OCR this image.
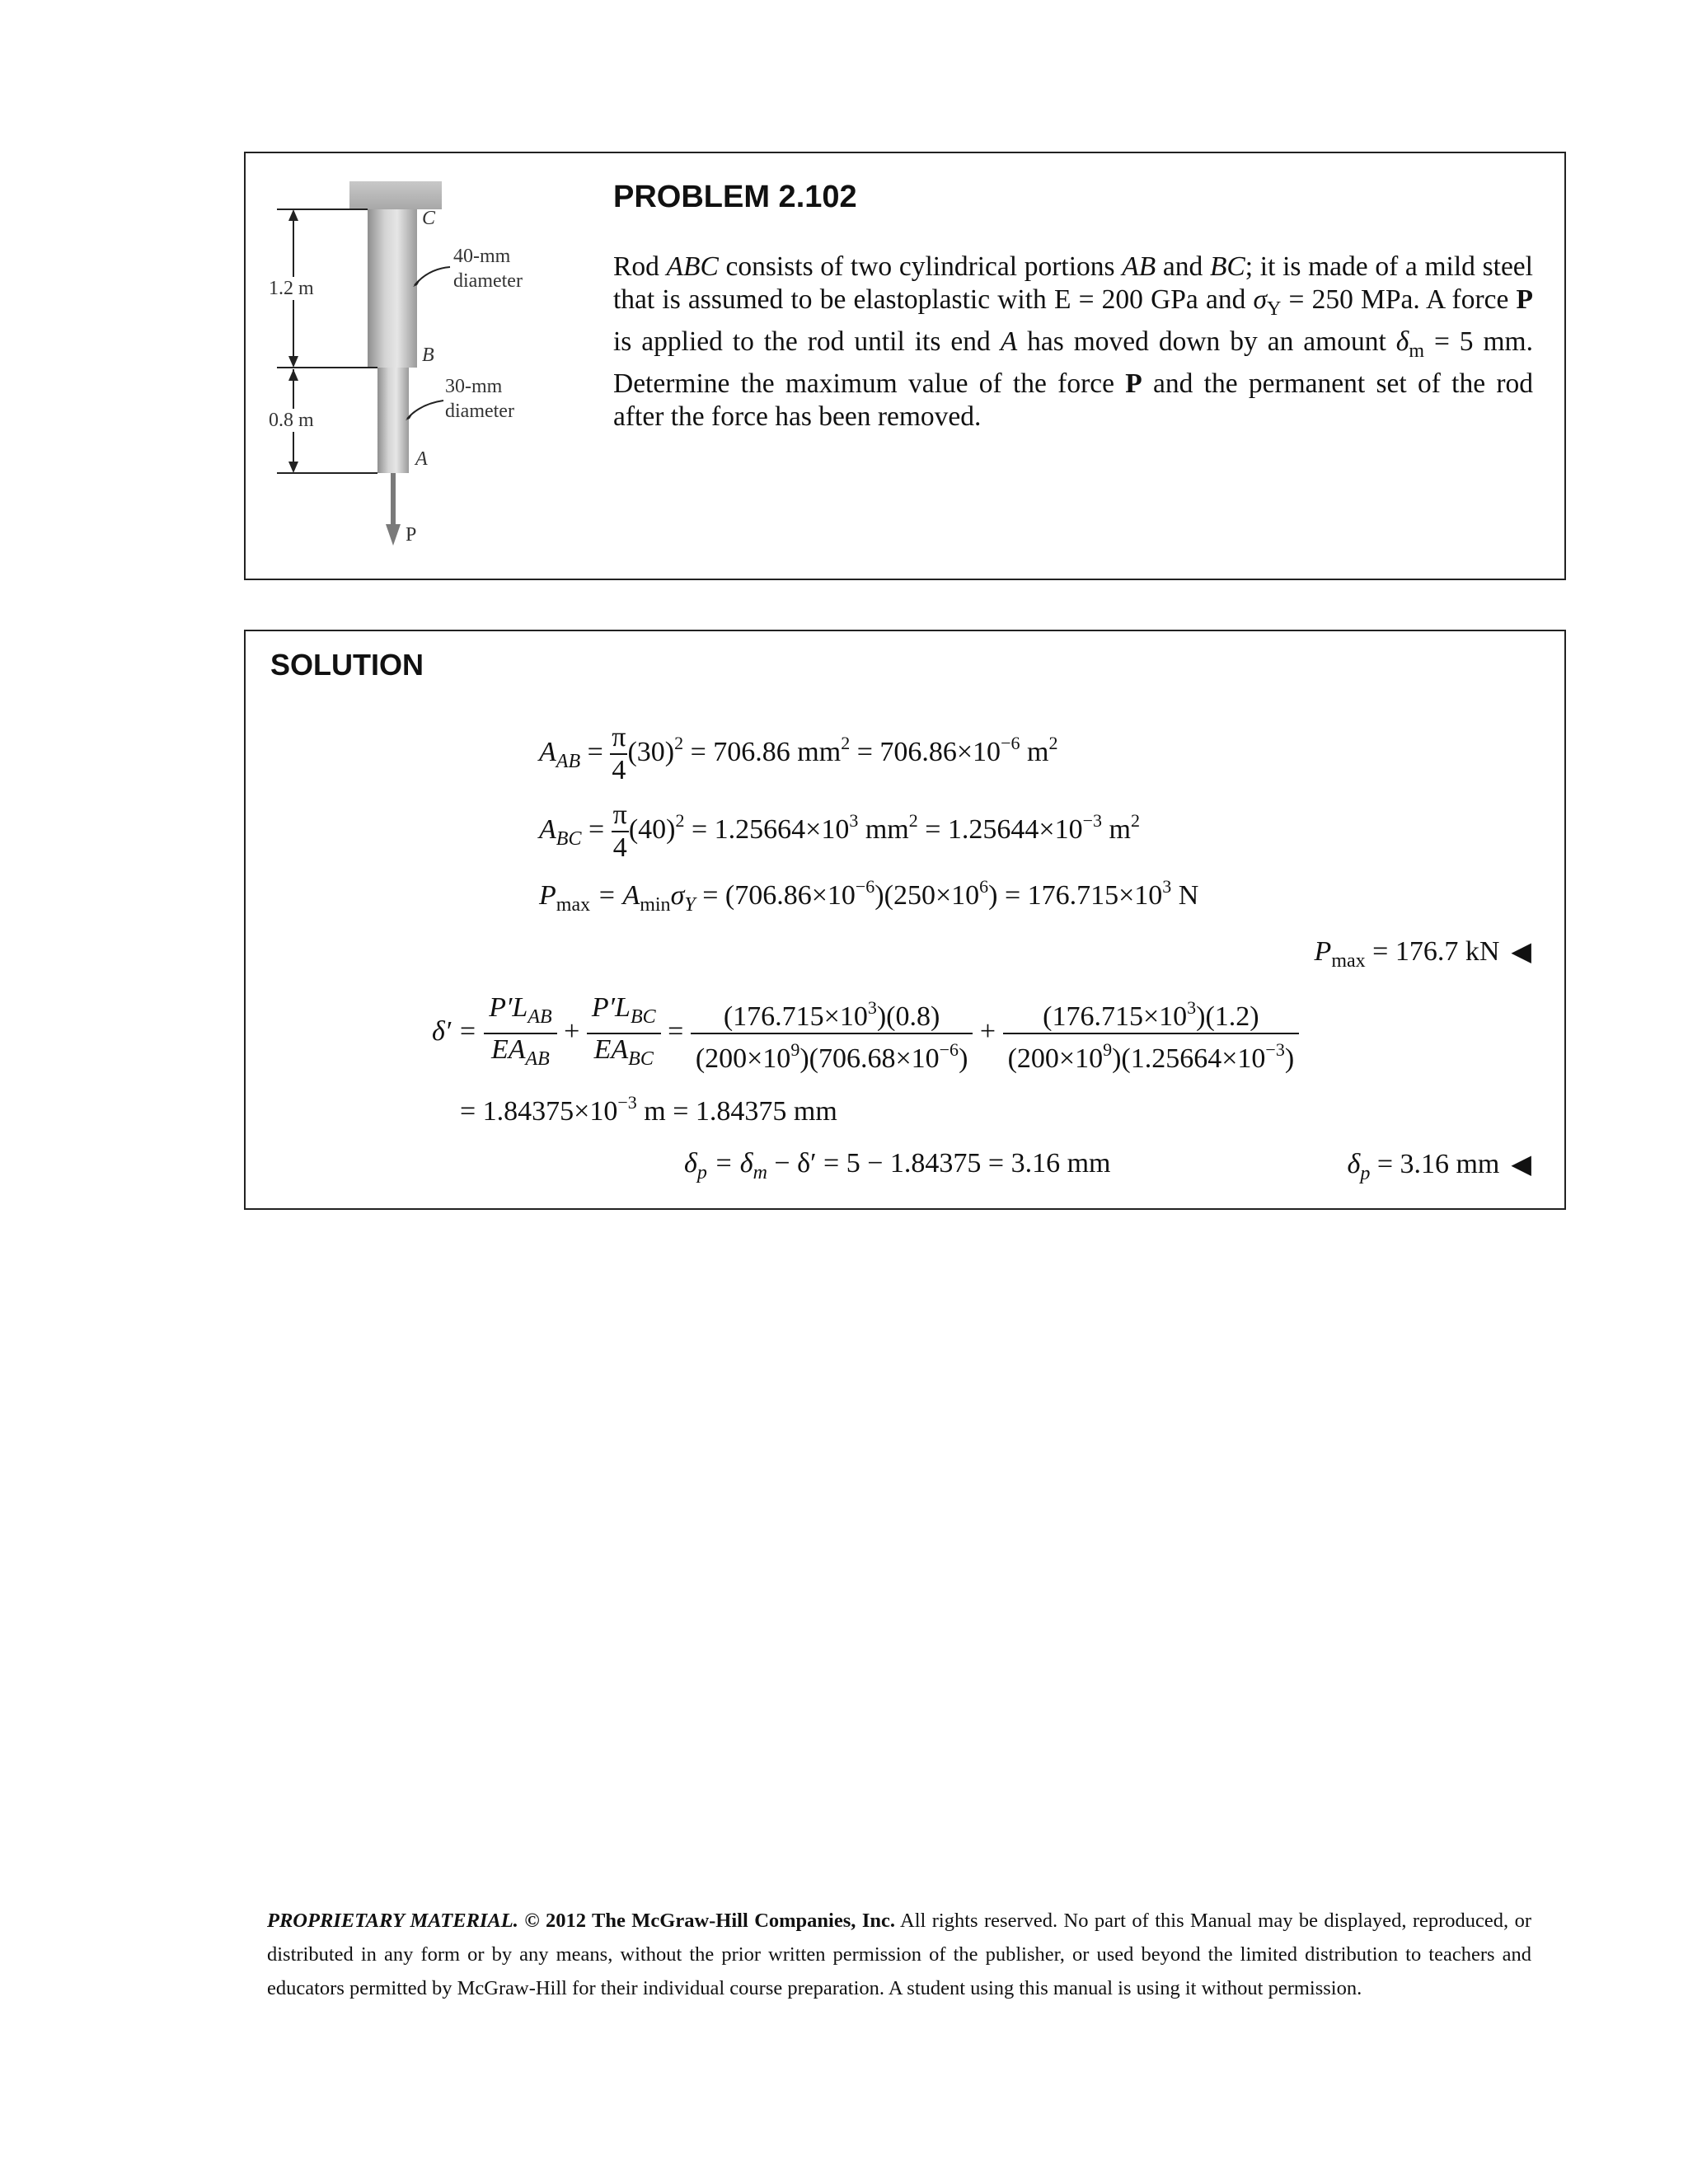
C
B
A
P
1.2 m
0.8 m
40-mm
diameter
30-mm
diameter
PROBLEM 2.102
Rod ABC consists of two cylindrical portions AB and BC; it is made of a mild steel that is assumed to be elastoplastic with E = 200 GPa and $\sigma_Y = 250$ MPa. A force P is applied to the rod until its end A has moved down by an amount $\delta_m = 5$ mm. Determine the maximum value of the force P and the permanent set of the rod after the force has been removed.
SOLUTION
$A_{AB} = \frac{\pi}{4} (30)^2 = 706.86$ $mm^2 = 706.86\times 10^{-6}$ $m^2$
$A_{BC} = \frac{\pi}{4} (40)^2 = 1.25664\times 10^3$ $mm^2 = 1.25644\times 10^{-3}$ $m^2$
$P_{max} = A_{min}\sigma_Y = (706.86\times 10^{-6})(250\times 10^6) = 176.715\times 10^3$ N
$P_{max} = 176.7$ kN ◀
$\delta' = \frac{P'L_{AB}}{EA_{AB}} + \frac{P'L_{BC}}{EA_{BC}} = \frac{(176.715\times 10^3)(0.8)}{(200\times 10^9)(706.68\times 10^{-6})} + \frac{(176.715\times 10^3)(1.2)}{(200\times 10^9)(1.25664\times 10^{-3})}$
= $1.84375\times 10^{-3}$ m = 1.84375 mm
$\delta_p = \delta_m - \delta' = 5 - 1.84375 = 3.16$ mm	$\delta_p = 3.16$ mm ◀
PROPRIETARY MATERIAL. © 2012 The McGraw-Hill Companies, Inc. All rights reserved. No part of this Manual may be displayed, reproduced, or distributed in any form or by any means, without the prior written permission of the publisher, or used beyond the limited distribution to teachers and educators permitted by McGraw-Hill for their individual course preparation. A student using this manual is using it without permission.
